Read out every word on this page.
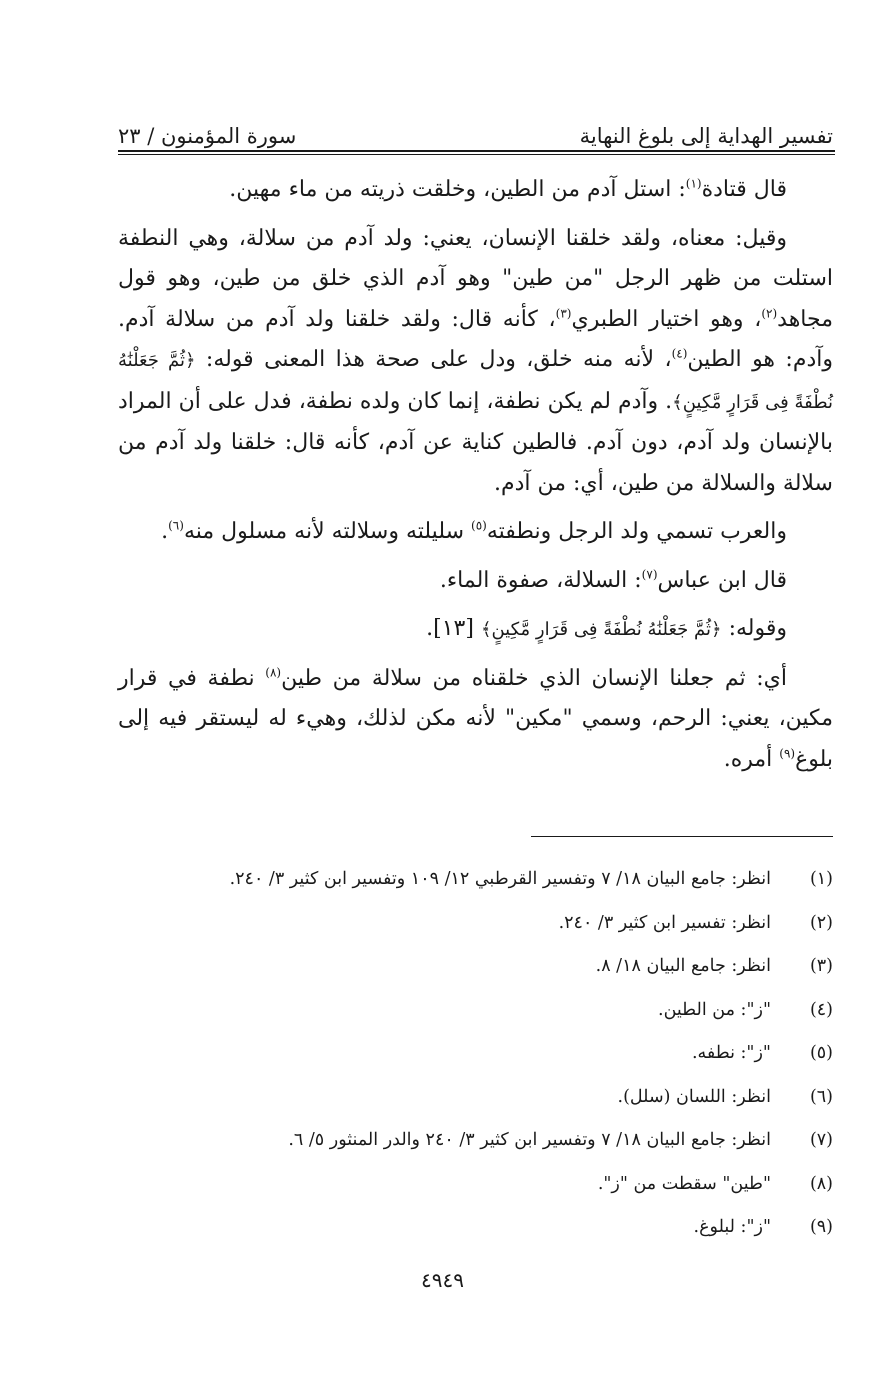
تفسير الهداية إلى بلوغ النهاية
سورة المؤمنون / ٢٣

قال قتادة$^{(١)}$: استل آدم من الطين، وخلقت ذريته من ماء مهين.

وقيل: معناه، ولقد خلقنا الإنسان، يعني: ولد آدم من سلالة، وهي النطفة استلت من ظهر الرجل "من طين" وهو آدم الذي خلق من طين، وهو قول مجاهد$^{(٢)}$، وهو اختيار الطبري$^{(٣)}$، كأنه قال: ولقد خلقنا ولد آدم من سلالة آدم. وآدم: هو الطين$^{(٤)}$، لأنه منه خلق، ودل على صحة هذا المعنى قوله: ﴿ثُمَّ جَعَلْنَٰهُ نُطْفَةً فِى قَرَارٍ مَّكِينٍ﴾. وآدم لم يكن نطفة، إنما كان ولده نطفة، فدل على أن المراد بالإنسان ولد آدم، دون آدم. فالطين كناية عن آدم، كأنه قال: خلقنا ولد آدم من سلالة والسلالة من طين، أي: من آدم.

والعرب تسمي ولد الرجل ونطفته$^{(٥)}$ سليلته وسلالته لأنه مسلول منه$^{(٦)}$.

قال ابن عباس$^{(٧)}$: السلالة، صفوة الماء.

وقوله: ﴿ثُمَّ جَعَلْنَٰهُ نُطْفَةً فِى قَرَارٍ مَّكِينٍ﴾ [١٣].

أي: ثم جعلنا الإنسان الذي خلقناه من سلالة من طين$^{(٨)}$ نطفة في قرار مكين، يعني: الرحم، وسمي "مكين" لأنه مكن لذلك، وهيء له ليستقر فيه إلى بلوغ$^{(٩)}$ أمره.

(١)
انظر: جامع البيان ١٨/ ٧ وتفسير القرطبي ١٢/ ١٠٩ وتفسير ابن كثير ٣/ ٢٤٠.
(٢)
انظر: تفسير ابن كثير ٣/ ٢٤٠.
(٣)
انظر: جامع البيان ١٨/ ٨.
(٤)
"ز": من الطين.
(٥)
"ز": نطفه.
(٦)
انظر: اللسان (سلل).
(٧)
انظر: جامع البيان ١٨/ ٧ وتفسير ابن كثير ٣/ ٢٤٠ والدر المنثور ٥/ ٦.
(٨)
"طين" سقطت من "ز".
(٩)
"ز": لبلوغ.
٤٩٤٩
